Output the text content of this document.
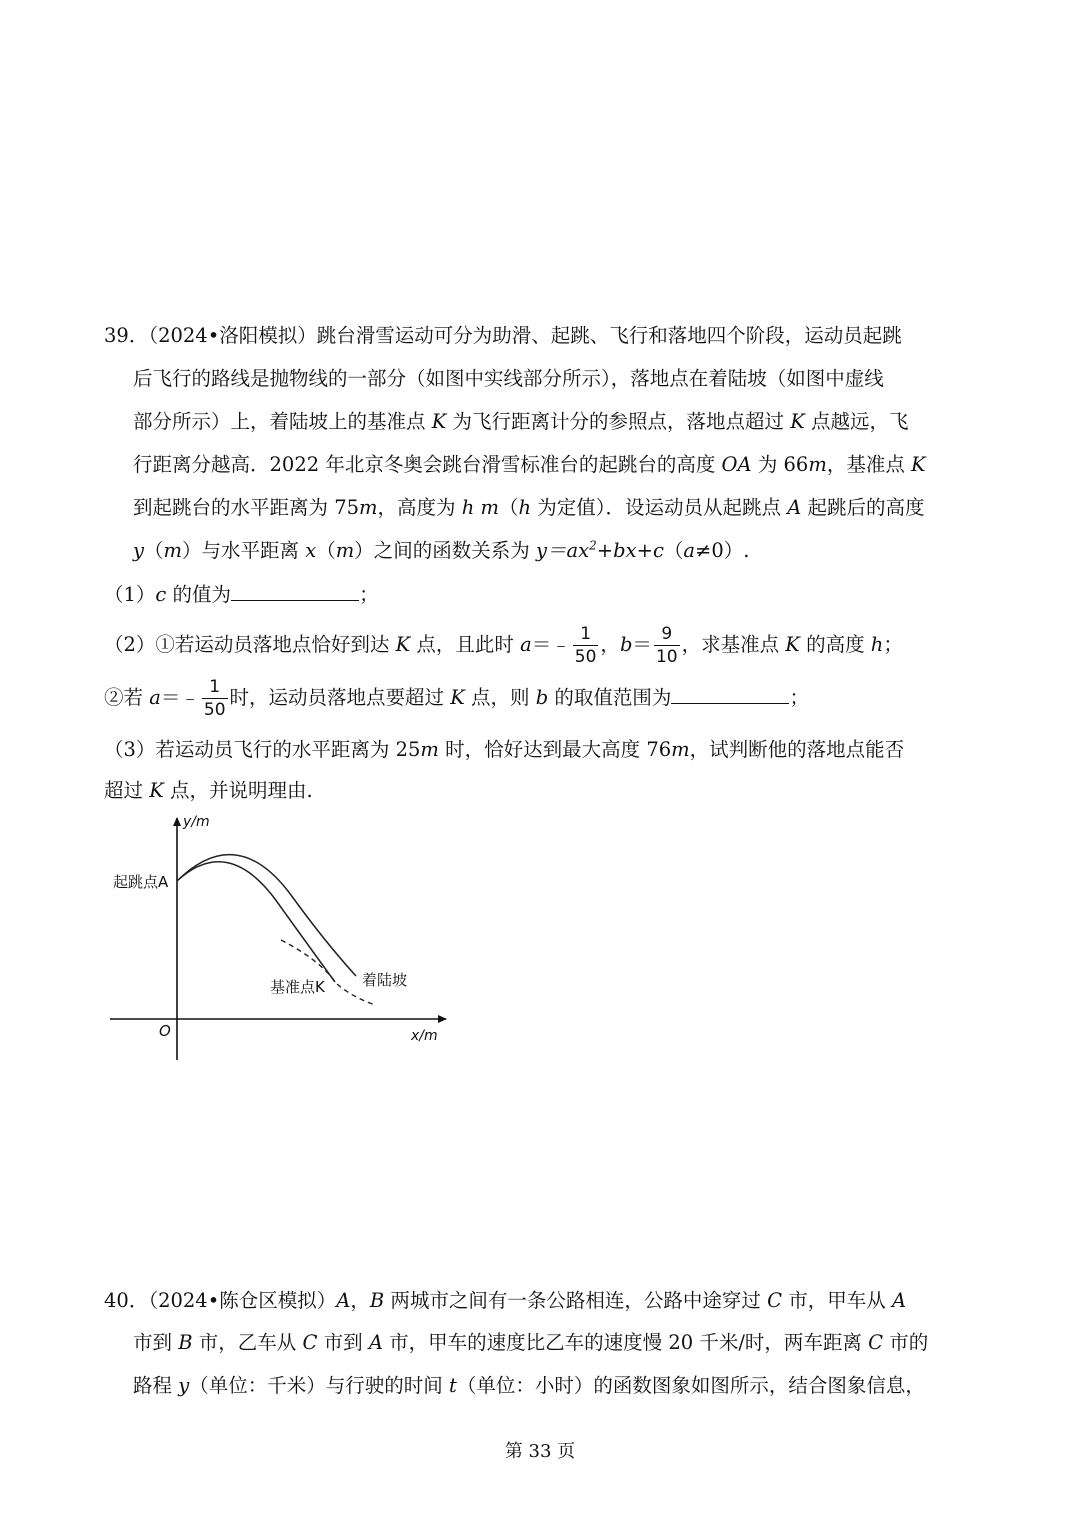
39．（2024•洛阳模拟）跳台滑雪运动可分为助滑、起跳、飞行和落地四个阶段，运动员起跳
后飞行的路线是抛物线的一部分（如图中实线部分所示），落地点在着陆坡（如图中虚线
部分所示）上，着陆坡上的基准点 K 为飞行距离计分的参照点，落地点超过 K 点越远，飞
行距离分越高．2022 年北京冬奥会跳台滑雪标准台的起跳台的高度 OA 为 66m，基准点 K
到起跳台的水平距离为 75m，高度为 h m（h 为定值）．设运动员从起跳点 A 起跳后的高度
y（m）与水平距离 x（m）之间的函数关系为 $y=ax^2+bx+c(a\ne 0)$.
（1）c 的值为	；
（2）①若运动员落地点恰好到达 K 点，且此时 a＝﹣ $\frac{1}{50}$ ，$b= \frac{9}{10}$ ，求基准点 K 的高度 h；
②若 a＝﹣ $\frac{1}{50}$ 时，运动员落地点要超过 K 点，则 b 的取值范围为	；
（3）若运动员飞行的水平距离为 25m 时，恰好达到最大高度 76m，试判断他的落地点能否
超过 K 点，并说明理由.
起跳点A
y/m
x/m
O
基准点K 着陆坡
40．（2024•陈仓区模拟）A，B 两城市之间有一条公路相连，公路中途穿过 C 市，甲车从 A
市到 B 市，乙车从 C 市到 A 市，甲车的速度比乙车的速度慢 20 千米/时，两车距离 C 市的
路程 y（单位：千米）与行驶的时间 t（单位：小时）的函数图象如图所示，结合图象信息，
第 33 页
